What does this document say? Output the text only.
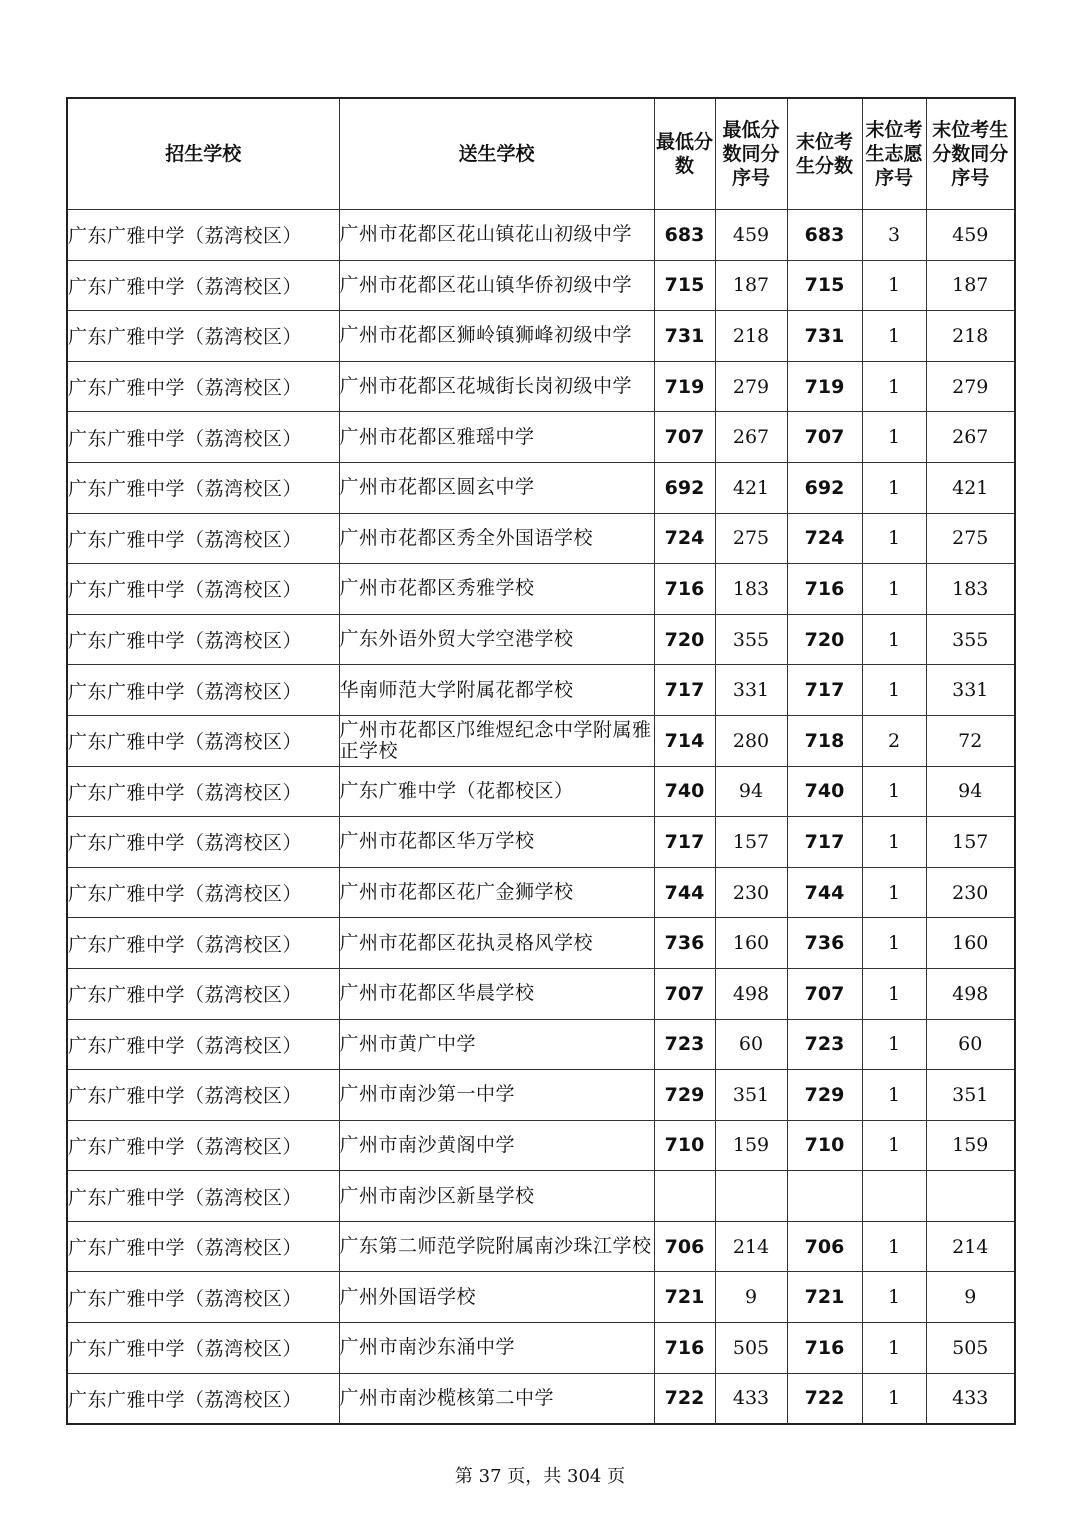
招生学校	送生学校	最低分数	最低分数同分序号	末位考生分数	末位考生志愿序号	末位考生分数同分序号
广东广雅中学（荔湾校区）	广州市花都区花山镇花山初级中学	683	459	683	3	459
广东广雅中学（荔湾校区）	广州市花都区花山镇华侨初级中学	715	187	715	1	187
广东广雅中学（荔湾校区）	广州市花都区狮岭镇狮峰初级中学	731	218	731	1	218
广东广雅中学（荔湾校区）	广州市花都区花城街长岗初级中学	719	279	719	1	279
广东广雅中学（荔湾校区）	广州市花都区雅瑶中学	707	267	707	1	267
广东广雅中学（荔湾校区）	广州市花都区圆玄中学	692	421	692	1	421
广东广雅中学（荔湾校区）	广州市花都区秀全外国语学校	724	275	724	1	275
广东广雅中学（荔湾校区）	广州市花都区秀雅学校	716	183	716	1	183
广东广雅中学（荔湾校区）	广东外语外贸大学空港学校	720	355	720	1	355
广东广雅中学（荔湾校区）	华南师范大学附属花都学校	717	331	717	1	331
广东广雅中学（荔湾校区）	广州市花都区邝维煜纪念中学附属雅正学校	714	280	718	2	72
广东广雅中学（荔湾校区）	广东广雅中学（花都校区）	740	94	740	1	94
广东广雅中学（荔湾校区）	广州市花都区华万学校	717	157	717	1	157
广东广雅中学（荔湾校区）	广州市花都区花广金狮学校	744	230	744	1	230
广东广雅中学（荔湾校区）	广州市花都区花执灵格风学校	736	160	736	1	160
广东广雅中学（荔湾校区）	广州市花都区华晨学校	707	498	707	1	498
广东广雅中学（荔湾校区）	广州市黄广中学	723	60	723	1	60
广东广雅中学（荔湾校区）	广州市南沙第一中学	729	351	729	1	351
广东广雅中学（荔湾校区）	广州市南沙黄阁中学	710	159	710	1	159
广东广雅中学（荔湾校区）	广州市南沙区新垦学校					
广东广雅中学（荔湾校区）	广东第二师范学院附属南沙珠江学校	706	214	706	1	214
广东广雅中学（荔湾校区）	广州外国语学校	721	9	721	1	9
广东广雅中学（荔湾校区）	广州市南沙东涌中学	716	505	716	1	505
广东广雅中学（荔湾校区）	广州市南沙榄核第二中学	722	433	722	1	433
第 37 页，共 304 页
